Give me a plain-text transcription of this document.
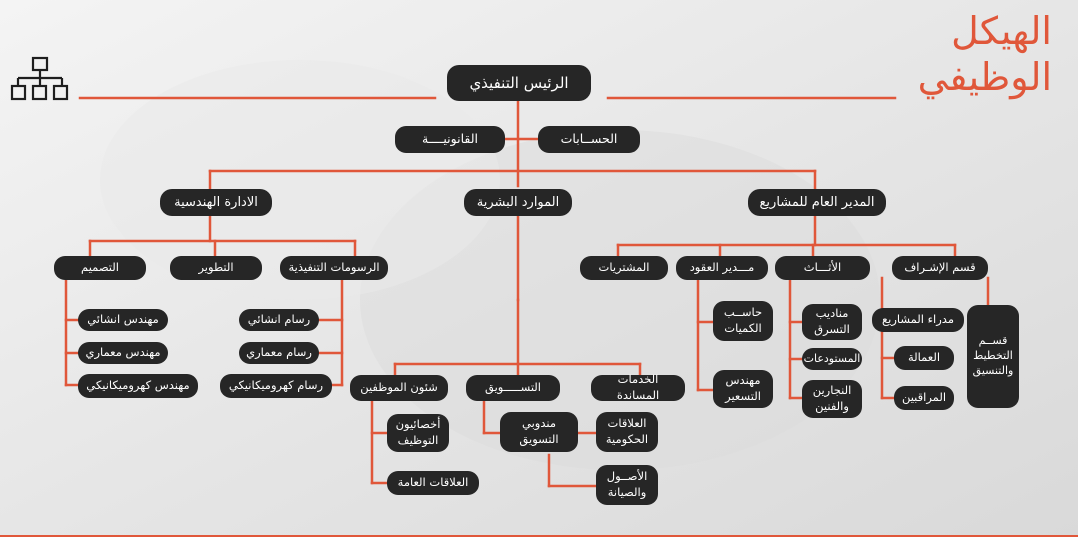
الهيكل
الوظيفي
الرئيس التنفيذي
الحســابات
القانونيــــة
المدير العام للمشاريع
الموارد البشرية
الادارة الهندسية
قسم الإشـراف
الأثـــاث
مـــدير العقود
المشتريات
قســم
التخطيط
والتنسيق
مدراء المشاريع
العمالة
المراقبين
مناديب
التسرق
المستودعات
النجارين
والفنين
حاســب
الكميات
مهندس
التسعير
الخدمات المساندة
التســـــويق
شئون الموظفين
العلاقات
الحكومية
الأصــول
والصيانة
مندوبي
التسويق
أخصائيون
التوظيف
العلاقات العامة
الرسومات التنفيذية
التطوير
التصميم
رسام انشائي
رسام معماري
رسام كهروميكانيكي
مهندس انشائي
مهندس معماري
مهندس كهروميكانيكي
